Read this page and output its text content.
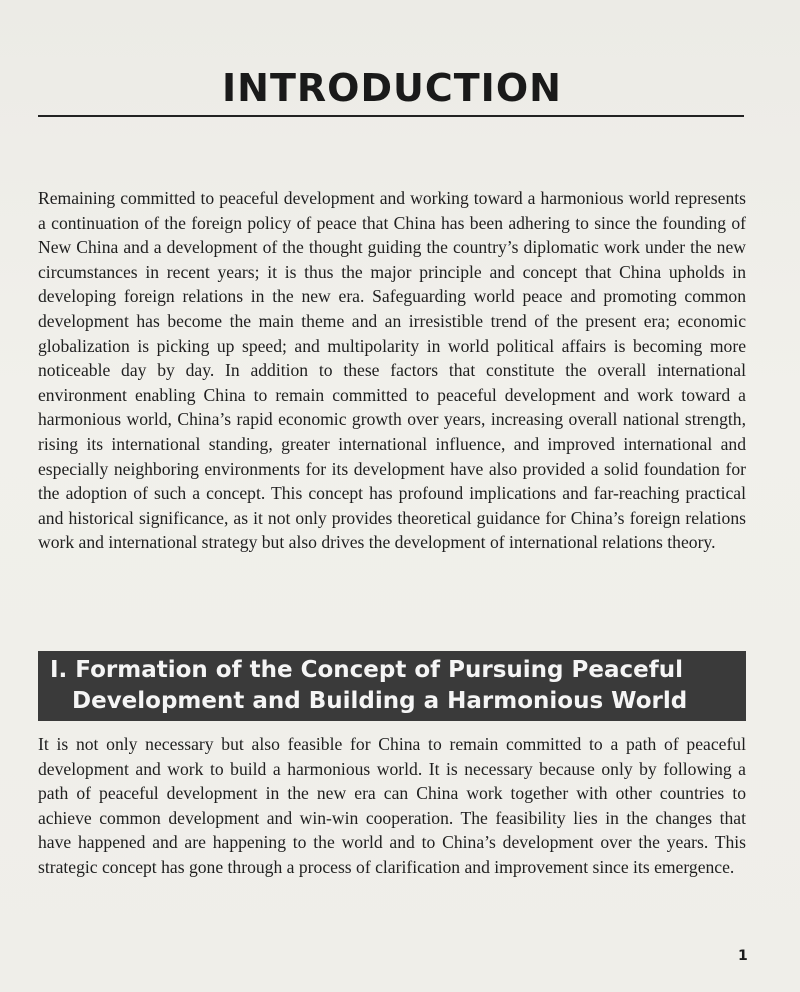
INTRODUCTION

Remaining committed to peaceful development and working toward a harmonious world represents a continuation of the foreign policy of peace that China has been adhering to since the founding of New China and a development of the thought guiding the country’s diplomatic work under the new circumstances in recent years; it is thus the major principle and concept that China upholds in developing foreign relations in the new era. Safeguarding world peace and promoting common development has become the main theme and an irresistible trend of the present era; economic globalization is picking up speed; and multipolarity in world political affairs is becoming more noticeable day by day. In addition to these factors that constitute the overall international environment enabling China to remain committed to peaceful development and work toward a harmonious world, China’s rapid economic growth over years, increasing overall national strength, rising its international standing, greater international influence, and improved international and especially neighboring environments for its development have also provided a solid foundation for the adoption of such a concept. This concept has profound implications and far-reaching practical and historical significance, as it not only provides theoretical guidance for China’s foreign relations work and international strategy but also drives the development of international relations theory.

I. Formation of the Concept of Pursuing Peaceful Development and Building a Harmonious World

It is not only necessary but also feasible for China to remain committed to a path of peaceful development and work to build a harmonious world. It is necessary because only by following a path of peaceful development in the new era can China work together with other countries to achieve common development and win-win cooperation. The feasibility lies in the changes that have happened and are happening to the world and to China’s development over the years. This strategic concept has gone through a process of clarification and improvement since its emergence.

1
